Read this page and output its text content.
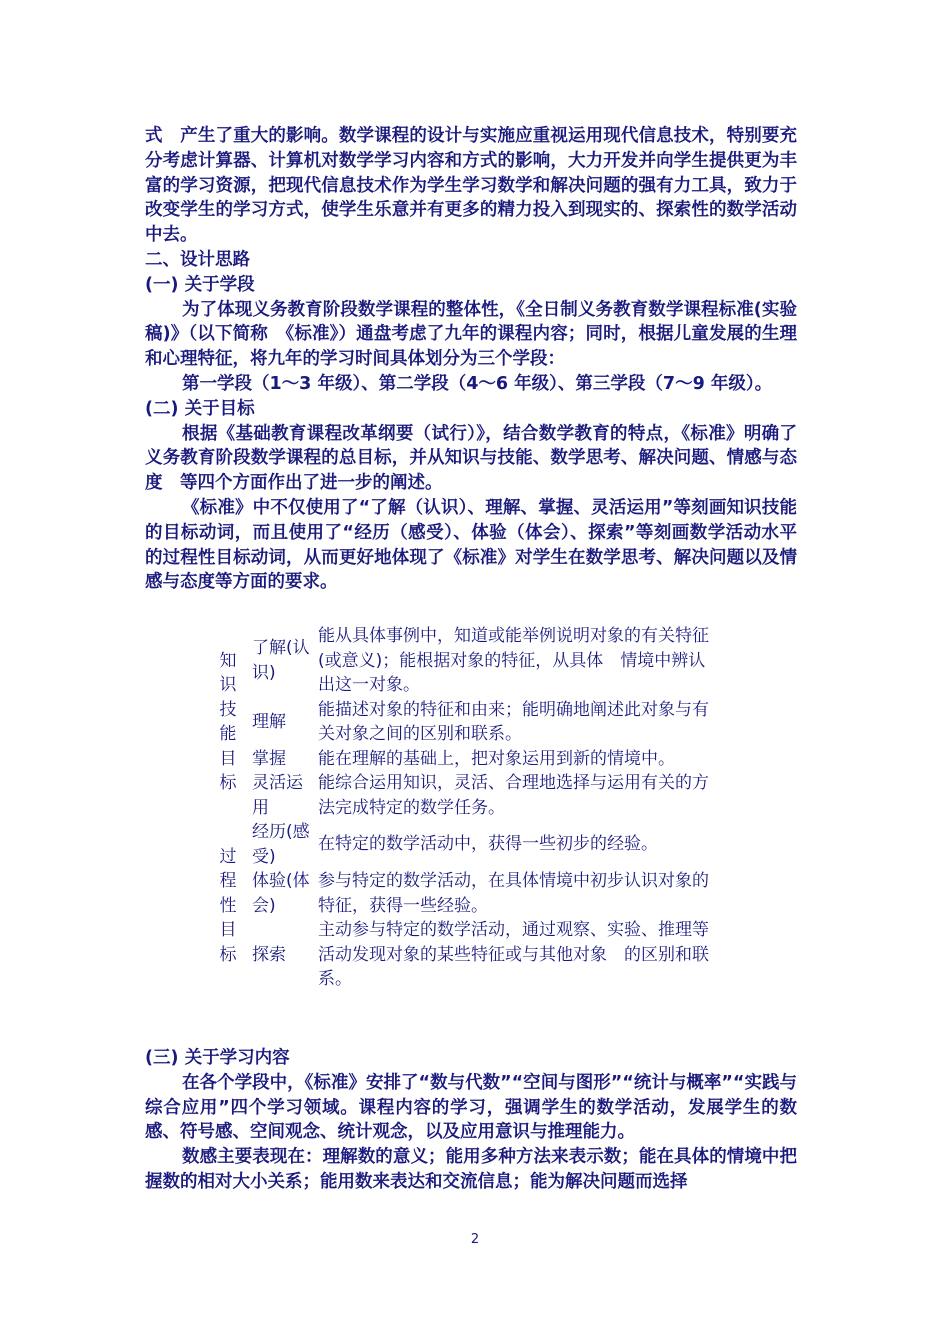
式　产生了重大的影响。数学课程的设计与实施应重视运用现代信息技术，特别要充分考虑计算器、计算机对数学学习内容和方式的影响，大力开发并向学生提供更为丰富的学习资源，把现代信息技术作为学生学习数学和解决问题的强有力工具，致力于改变学生的学习方式，使学生乐意并有更多的精力投入到现实的、探索性的数学活动中去。

二、设计思路

(一) 关于学段

为了体现义务教育阶段数学课程的整体性，《全日制义务教育数学课程标准(实验稿)》（以下简称　《标准》）通盘考虑了九年的课程内容；同时，根据儿童发展的生理和心理特征，将九年的学习时间具体划分为三个学段：

第一学段（1～3 年级）、第二学段（4～6 年级）、第三学段（7～9 年级）。

(二) 关于目标

根据《基础教育课程改革纲要（试行）》，结合数学教育的特点，《标准》明确了义务教育阶段数学课程的总目标，并从知识与技能、数学思考、解决问题、情感与态度　等四个方面作出了进一步的阐述。

《标准》中不仅使用了“了解（认识）、理解、掌握、灵活运用”等刻画知识技能的目标动词，而且使用了“经历（感受）、体验（体会）、探索”等刻画数学活动水平的过程性目标动词，从而更好地体现了《标准》对学生在数学思考、解决问题以及情感与态度等方面的要求。

知识技能目标	了解(认识)	能从具体事例中，知道或能举例说明对象的有关特征(或意义)；能根据对象的特征，从具体　情境中辨认出这一对象。
	理解	能描述对象的特征和由来；能明确地阐述此对象与有关对象之间的区别和联系。
	掌握	能在理解的基础上，把对象运用到新的情境中。
	灵活运用	能综合运用知识，灵活、合理地选择与运用有关的方法完成特定的数学任务。

过程性目标	经历(感受)	在特定的数学活动中，获得一些初步的经验。
	体验(体会)	参与特定的数学活动，在具体情境中初步认识对象的特征，获得一些经验。
	探索	主动参与特定的数学活动，通过观察、实验、推理等活动发现对象的某些特征或与其他对象　的区别和联系。

(三) 关于学习内容

在各个学段中，《标准》安排了“数与代数”“空间与图形”“统计与概率”“实践与综合应用”四个学习领域。课程内容的学习，强调学生的数学活动，发展学生的数感、符号感、空间观念、统计观念，以及应用意识与推理能力。

数感主要表现在：理解数的意义；能用多种方法来表示数；能在具体的情境中把握数的相对大小关系；能用数来表达和交流信息；能为解决问题而选择

2
